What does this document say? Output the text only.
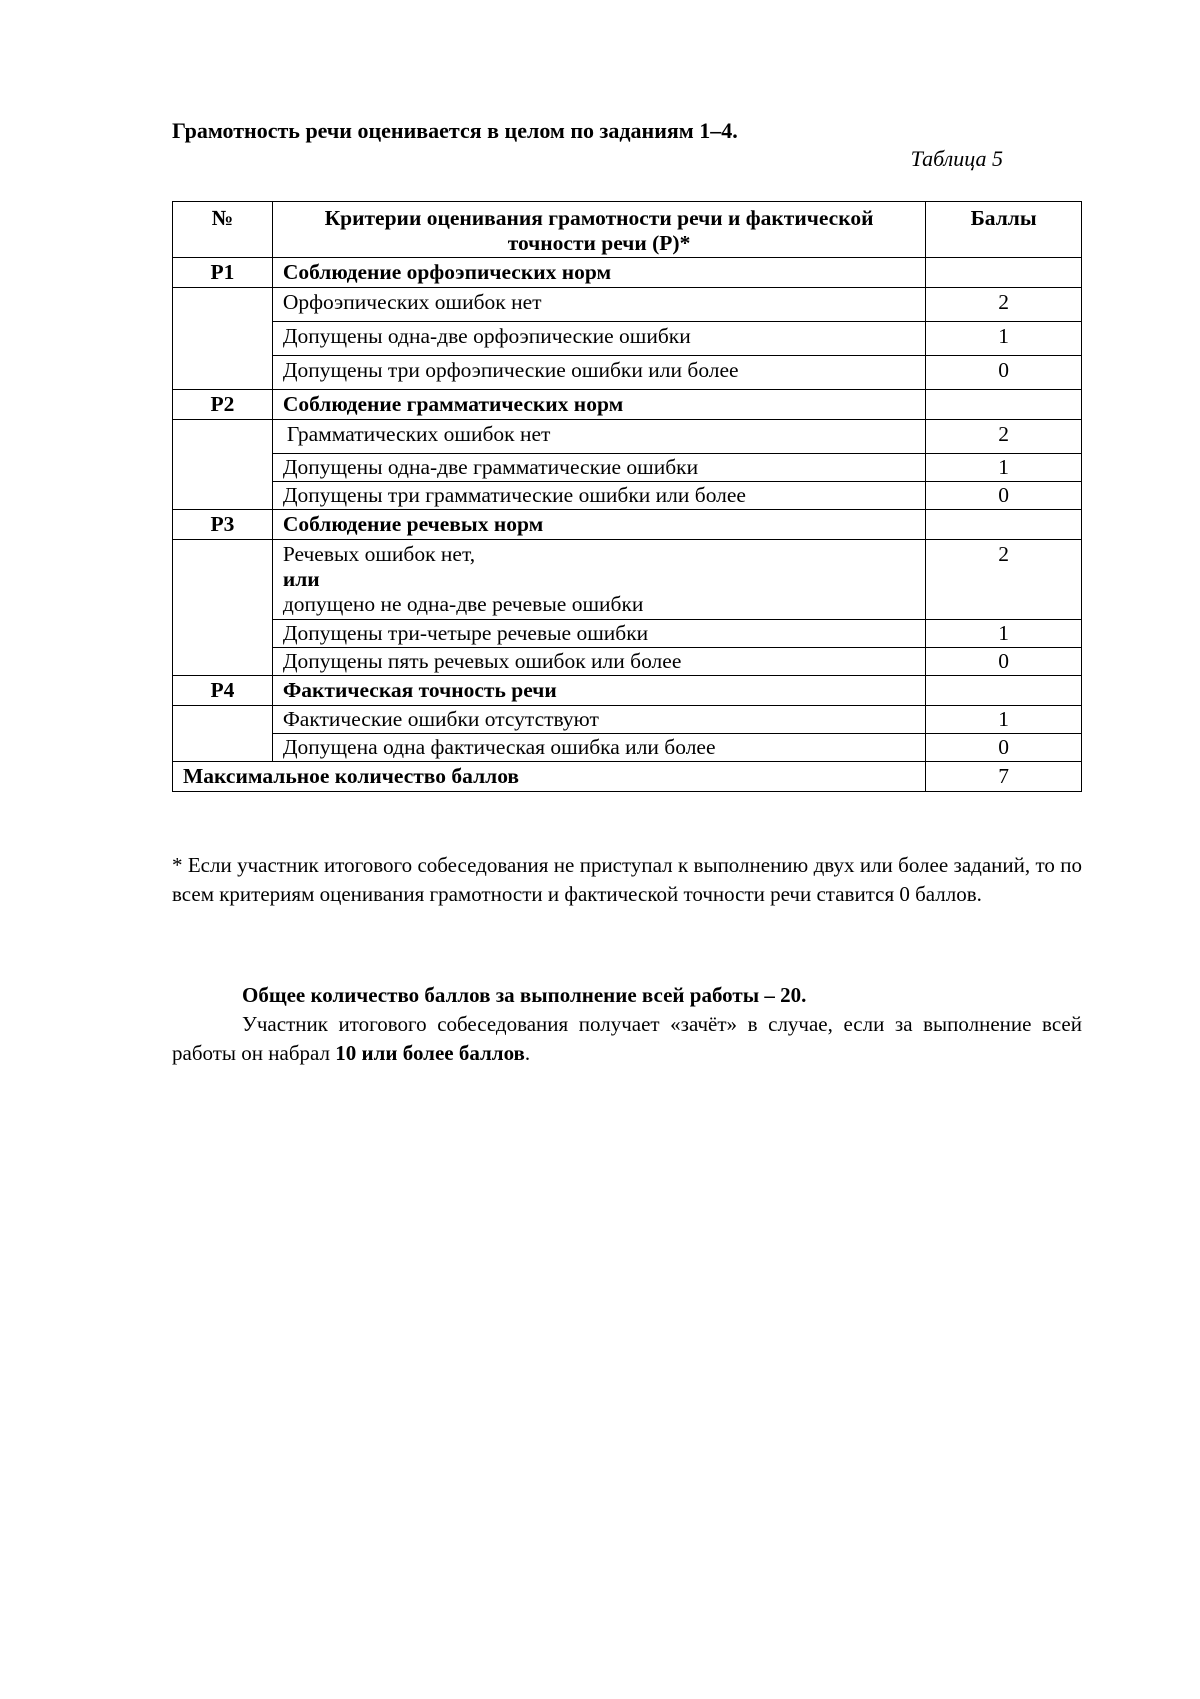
Грамотность речи оценивается в целом по заданиям 1–4.
Таблица 5
№	Критерии оценивания грамотности речи и фактической точности речи (Р)*	Баллы
Р1	Соблюдение орфоэпических норм	
	Орфоэпических ошибок нет	2
	Допущены одна-две орфоэпические ошибки	1
	Допущены три орфоэпические ошибки или более	0
Р2	Соблюдение грамматических норм	
	Грамматических ошибок нет	2
	Допущены одна-две грамматические ошибки	1
	Допущены три грамматические ошибки или более	0
Р3	Соблюдение речевых норм	

	Речевых ошибок нет,
или
допущено не одна-две речевые ошибки	2
	Допущены три-четыре речевые ошибки	1
	Допущены пять речевых ошибок или более	0
Р4	Фактическая точность речи	
	Фактические ошибки отсутствуют	1
	Допущена одна фактическая ошибка или более	0
Максимальное количество баллов		7
* Если участник итогового собеседования не приступал к выполнению двух или более заданий, то по всем критериям оценивания грамотности и фактической точности речи ставится 0 баллов.
Общее количество баллов за выполнение всей работы – 20.
Участник итогового собеседования получает «зачёт» в случае, если за выполнение всей работы он набрал 10 или более баллов.
